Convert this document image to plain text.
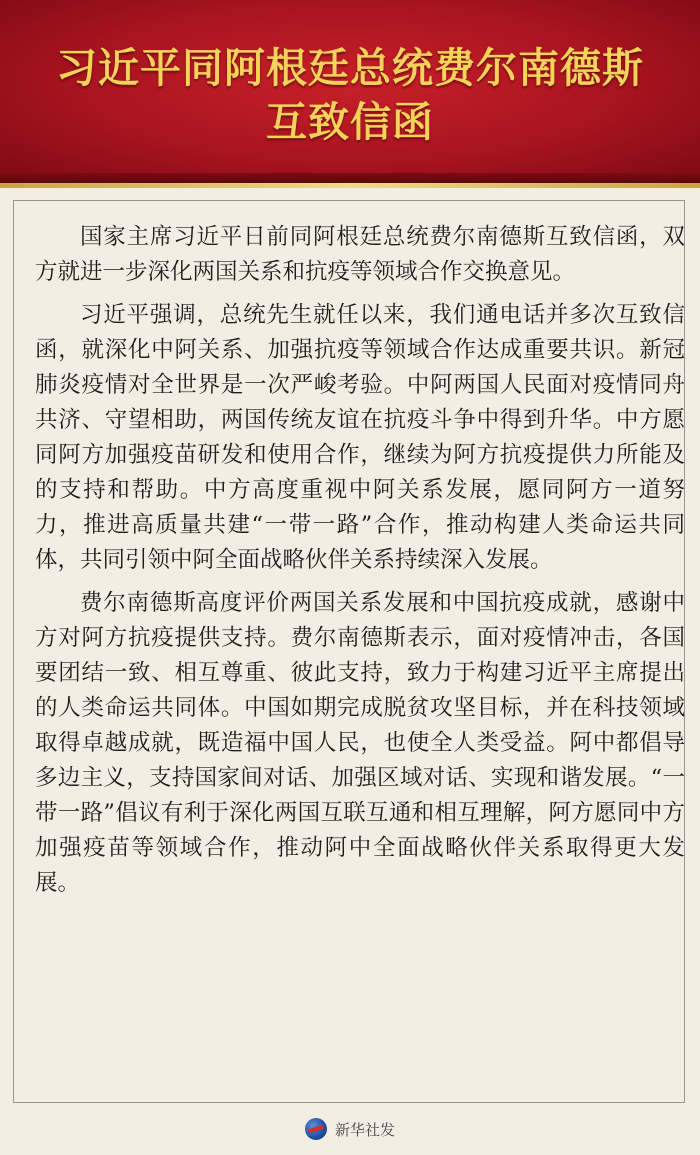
习近平同阿根廷总统费尔南德斯
互致信函

国家主席习近平日前同阿根廷总统费尔南德斯互致信函，双方就进一步深化两国关系和抗疫等领域合作交换意见。

习近平强调，总统先生就任以来，我们通电话并多次互致信函，就深化中阿关系、加强抗疫等领域合作达成重要共识。新冠肺炎疫情对全世界是一次严峻考验。中阿两国人民面对疫情同舟共济、守望相助，两国传统友谊在抗疫斗争中得到升华。中方愿同阿方加强疫苗研发和使用合作，继续为阿方抗疫提供力所能及的支持和帮助。中方高度重视中阿关系发展，愿同阿方一道努力，推进高质量共建“一带一路”合作，推动构建人类命运共同体，共同引领中阿全面战略伙伴关系持续深入发展。

费尔南德斯高度评价两国关系发展和中国抗疫成就，感谢中方对阿方抗疫提供支持。费尔南德斯表示，面对疫情冲击，各国要团结一致、相互尊重、彼此支持，致力于构建习近平主席提出的人类命运共同体。中国如期完成脱贫攻坚目标，并在科技领域取得卓越成就，既造福中国人民，也使全人类受益。阿中都倡导多边主义，支持国家间对话、加强区域对话、实现和谐发展。“一带一路”倡议有利于深化两国互联互通和相互理解，阿方愿同中方加强疫苗等领域合作，推动阿中全面战略伙伴关系取得更大发展。

新华社发
